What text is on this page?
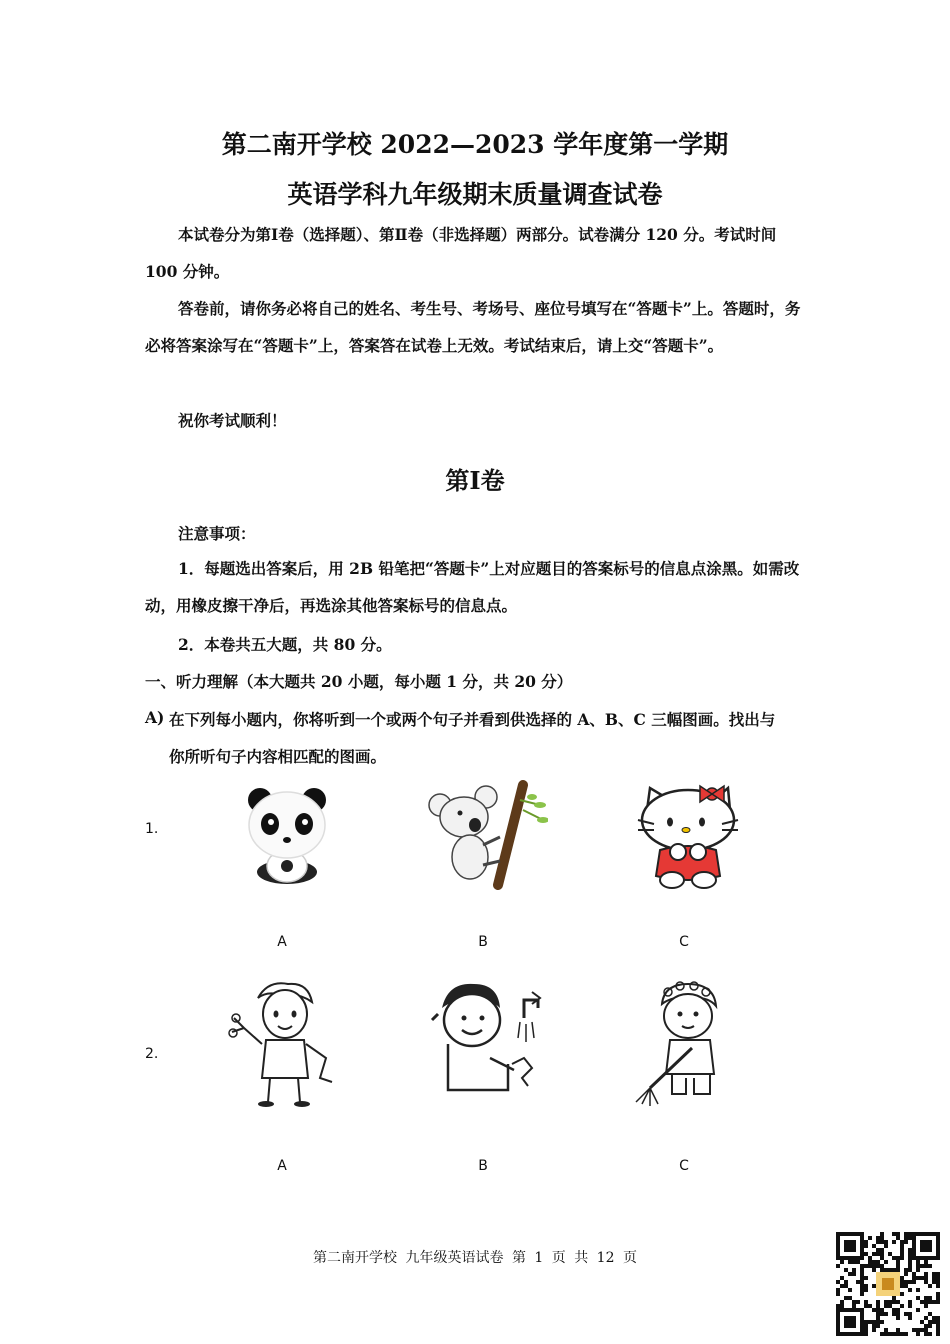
第二南开学校 2022—2023 学年度第一学期
英语学科九年级期末质量调查试卷

本试卷分为第Ⅰ卷（选择题）、第Ⅱ卷（非选择题）两部分。试卷满分 120 分。考试时间 100 分钟。

答卷前，请你务必将自己的姓名、考生号、考场号、座位号填写在“答题卡”上。答题时，务必将答案涂写在“答题卡”上，答案答在试卷上无效。考试结束后，请上交“答题卡”。

祝你考试顺利！

第Ⅰ卷
注意事项：

1．每题选出答案后，用 2B 铅笔把“答题卡”上对应题目的答案标号的信息点涂黑。如需改动，用橡皮擦干净后，再选涂其他答案标号的信息点。

2．本卷共五大题，共 80 分。
一、听力理解（本大题共 20 小题，每小题 1 分，共 20 分）
A) 在下列每小题内，你将听到一个或两个句子并看到供选择的 A、B、C 三幅图画。找出与
你所听句子内容相匹配的图画。
1.
A	B	C
2.
A	B	C
第二南开学校 九年级英语试卷 第 1 页 共 12 页
